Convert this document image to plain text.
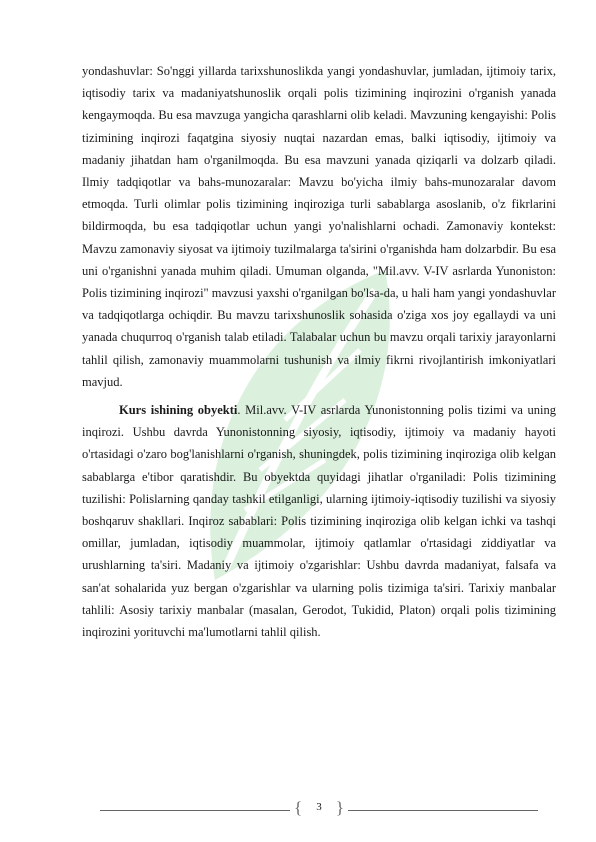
yondashuvlar: So'nggi yillarda tarixshunoslikda yangi yondashuvlar, jumladan, ijtimoiy tarix, iqtisodiy tarix va madaniyatshunoslik orqali polis tizimining inqirozini o'rganish yanada kengaymoqda. Bu esa mavzuga yangicha qarashlarni olib keladi. Mavzuning kengayishi: Polis tizimining inqirozi faqatgina siyosiy nuqtai nazardan emas, balki iqtisodiy, ijtimoiy va madaniy jihatdan ham o'rganilmoqda. Bu esa mavzuni yanada qiziqarli va dolzarb qiladi. Ilmiy tadqiqotlar va bahs-munozaralar: Mavzu bo'yicha ilmiy bahs-munozaralar davom etmoqda. Turli olimlar polis tizimining inqiroziga turli sabablarga asoslanib, o'z fikrlarini bildirmoqda, bu esa tadqiqotlar uchun yangi yo'nalishlarni ochadi. Zamonaviy kontekst: Mavzu zamonaviy siyosat va ijtimoiy tuzilmalarga ta'sirini o'rganishda ham dolzarbdir. Bu esa uni o'rganishni yanada muhim qiladi. Umuman olganda, "Mil.avv. V-IV asrlarda Yunoniston: Polis tizimining inqirozi" mavzusi yaxshi o'rganilgan bo'lsa-da, u hali ham yangi yondashuvlar va tadqiqotlarga ochiqdir. Bu mavzu tarixshunoslik sohasida o'ziga xos joy egallaydi va uni yanada chuqurroq o'rganish talab etiladi. Talabalar uchun bu mavzu orqali tarixiy jarayonlarni tahlil qilish, zamonaviy muammolarni tushunish va ilmiy fikrni rivojlantirish imkoniyatlari mavjud.

Kurs ishining obyekti. Mil.avv. V-IV asrlarda Yunonistonning polis tizimi va uning inqirozi. Ushbu davrda Yunonistonning siyosiy, iqtisodiy, ijtimoiy va madaniy hayoti o'rtasidagi o'zaro bog'lanishlarni o'rganish, shuningdek, polis tizimining inqiroziga olib kelgan sabablarga e'tibor qaratishdir. Bu obyektda quyidagi jihatlar o'rganiladi: Polis tizimining tuzilishi: Polislarning qanday tashkil etilganligi, ularning ijtimoiy-iqtisodiy tuzilishi va siyosiy boshqaruv shakllari. Inqiroz sabablari: Polis tizimining inqiroziga olib kelgan ichki va tashqi omillar, jumladan, iqtisodiy muammolar, ijtimoiy qatlamlar o'rtasidagi ziddiyatlar va urushlarning ta'siri. Madaniy va ijtimoiy o'zgarishlar: Ushbu davrda madaniyat, falsafa va san'at sohalarida yuz bergan o'zgarishlar va ularning polis tizimiga ta'siri. Tarixiy manbalar tahlili: Asosiy tarixiy manbalar (masalan, Gerodot, Tukidid, Platon) orqali polis tizimining inqirozini yorituvchi ma'lumotlarni tahlil qilish.

{	3 }
